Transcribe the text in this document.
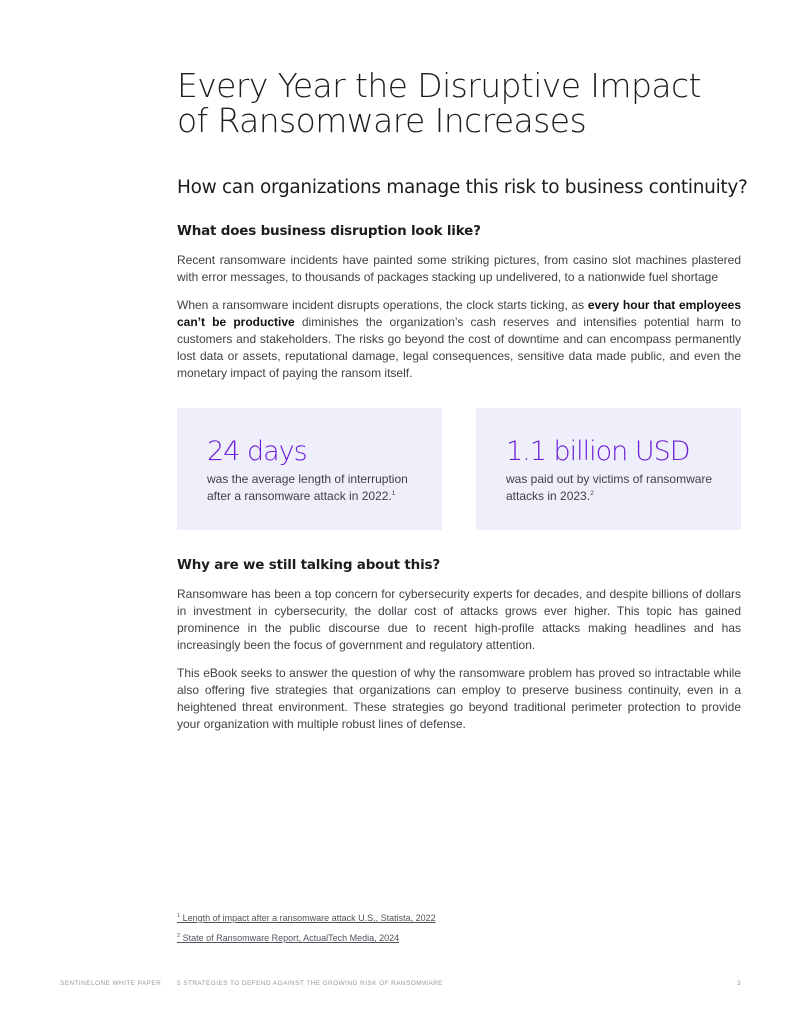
Every Year the Disruptive Impact
of Ransomware Increases
How can organizations manage this risk to business continuity?
What does business disruption look like?

Recent ransomware incidents have painted some striking pictures, from casino slot machines plastered with error messages, to thousands of packages stacking up undelivered, to a nationwide fuel shortage

When a ransomware incident disrupts operations, the clock starts ticking, as every hour that employees can’t be productive diminishes the organization’s cash reserves and intensifies potential harm to customers and stakeholders. The risks go beyond the cost of downtime and can encompass permanently lost data or assets, reputational damage, legal consequences, sensitive data made public, and even the monetary impact of paying the ransom itself.

24 days
was the average length of interruption after a ransomware attack in 2022.$^1$
1.1 billion USD
was paid out by victims of ransomware attacks in 2023.$^2$
Why are we still talking about this?

Ransomware has been a top concern for cybersecurity experts for decades, and despite billions of dollars in investment in cybersecurity, the dollar cost of attacks grows ever higher. This topic has gained prominence in the public discourse due to recent high-profile attacks making headlines and has increasingly been the focus of government and regulatory attention.

This eBook seeks to answer the question of why the ransomware problem has proved so intractable while also offering five strategies that organizations can employ to preserve business continuity, even in a heightened threat environment. These strategies go beyond traditional perimeter protection to provide your organization with multiple robust lines of defense.

$^1$ Length of impact after a ransomware attack U.S., Statista, 2022
$^2$ State of Ransomware Report, ActualTech Media, 2024
SENTINELONE WHITE PAPER 5 STRATEGIES TO DEFEND AGAINST THE GROWING RISK OF RANSOMWARE	3
